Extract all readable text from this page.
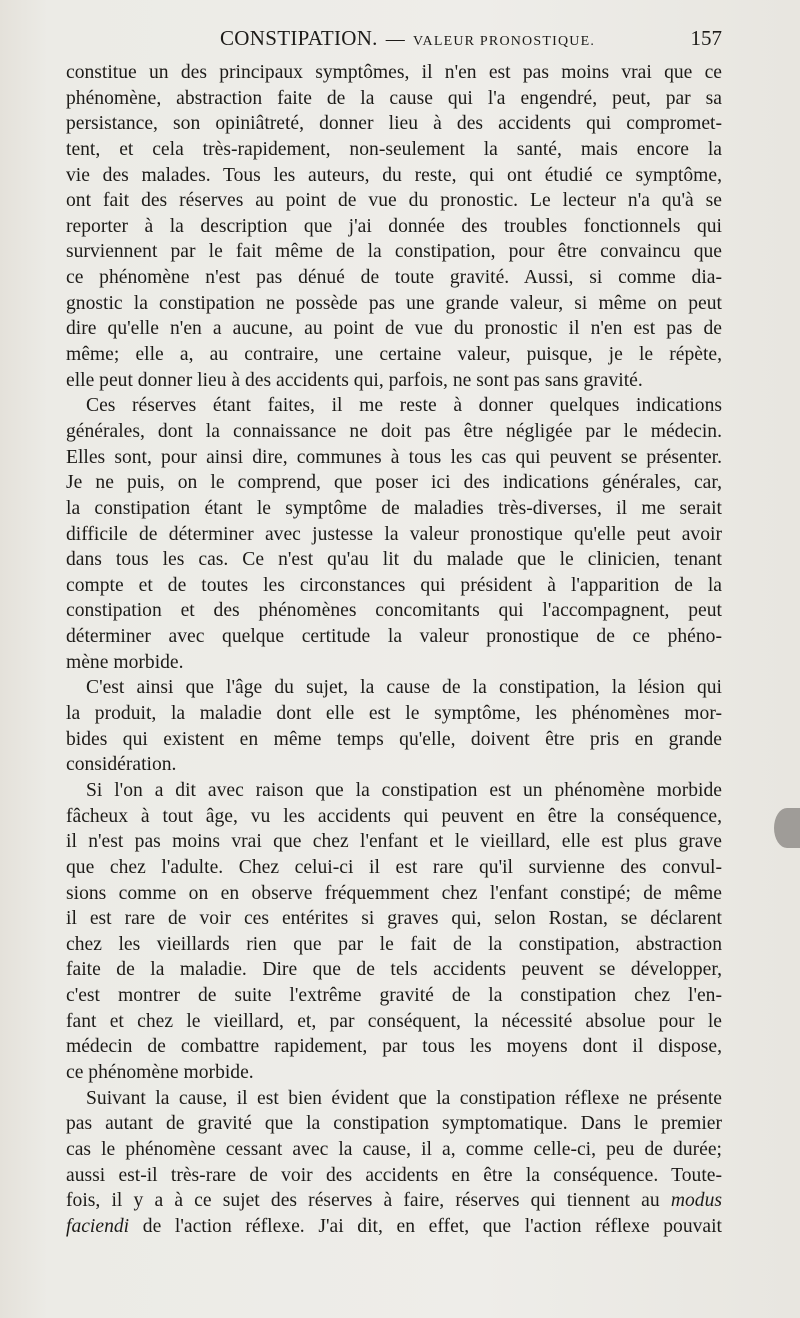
CONSTIPATION. — VALEUR PRONOSTIQUE.	157
constitue un des principaux symptômes, il n'en est pas moins vrai que ce
phénomène, abstraction faite de la cause qui l'a engendré, peut, par sa
persistance, son opiniâtreté, donner lieu à des accidents qui compromet-
tent, et cela très-rapidement, non-seulement la santé, mais encore la
vie des malades. Tous les auteurs, du reste, qui ont étudié ce symptôme,
ont fait des réserves au point de vue du pronostic. Le lecteur n'a qu'à se
reporter à la description que j'ai donnée des troubles fonctionnels qui
surviennent par le fait même de la constipation, pour être convaincu que
ce phénomène n'est pas dénué de toute gravité. Aussi, si comme dia-
gnostic la constipation ne possède pas une grande valeur, si même on peut
dire qu'elle n'en a aucune, au point de vue du pronostic il n'en est pas de
même; elle a, au contraire, une certaine valeur, puisque, je le répète,
elle peut donner lieu à des accidents qui, parfois, ne sont pas sans gravité.
Ces réserves étant faites, il me reste à donner quelques indications
générales, dont la connaissance ne doit pas être négligée par le médecin.
Elles sont, pour ainsi dire, communes à tous les cas qui peuvent se présenter.
Je ne puis, on le comprend, que poser ici des indications générales, car,
la constipation étant le symptôme de maladies très-diverses, il me serait
difficile de déterminer avec justesse la valeur pronostique qu'elle peut avoir
dans tous les cas. Ce n'est qu'au lit du malade que le clinicien, tenant
compte et de toutes les circonstances qui président à l'apparition de la
constipation et des phénomènes concomitants qui l'accompagnent, peut
déterminer avec quelque certitude la valeur pronostique de ce phéno-
mène morbide.
C'est ainsi que l'âge du sujet, la cause de la constipation, la lésion qui
la produit, la maladie dont elle est le symptôme, les phénomènes mor-
bides qui existent en même temps qu'elle, doivent être pris en grande
considération.
Si l'on a dit avec raison que la constipation est un phénomène morbide
fâcheux à tout âge, vu les accidents qui peuvent en être la conséquence,
il n'est pas moins vrai que chez l'enfant et le vieillard, elle est plus grave
que chez l'adulte. Chez celui-ci il est rare qu'il survienne des convul-
sions comme on en observe fréquemment chez l'enfant constipé; de même
il est rare de voir ces entérites si graves qui, selon Rostan, se déclarent
chez les vieillards rien que par le fait de la constipation, abstraction
faite de la maladie. Dire que de tels accidents peuvent se développer,
c'est montrer de suite l'extrême gravité de la constipation chez l'en-
fant et chez le vieillard, et, par conséquent, la nécessité absolue pour le
médecin de combattre rapidement, par tous les moyens dont il dispose,
ce phénomène morbide.
Suivant la cause, il est bien évident que la constipation réflexe ne présente
pas autant de gravité que la constipation symptomatique. Dans le premier
cas le phénomène cessant avec la cause, il a, comme celle-ci, peu de durée;
aussi est-il très-rare de voir des accidents en être la conséquence. Toute-
fois, il y a à ce sujet des réserves à faire, réserves qui tiennent au modus
faciendi de l'action réflexe. J'ai dit, en effet, que l'action réflexe pouvait
